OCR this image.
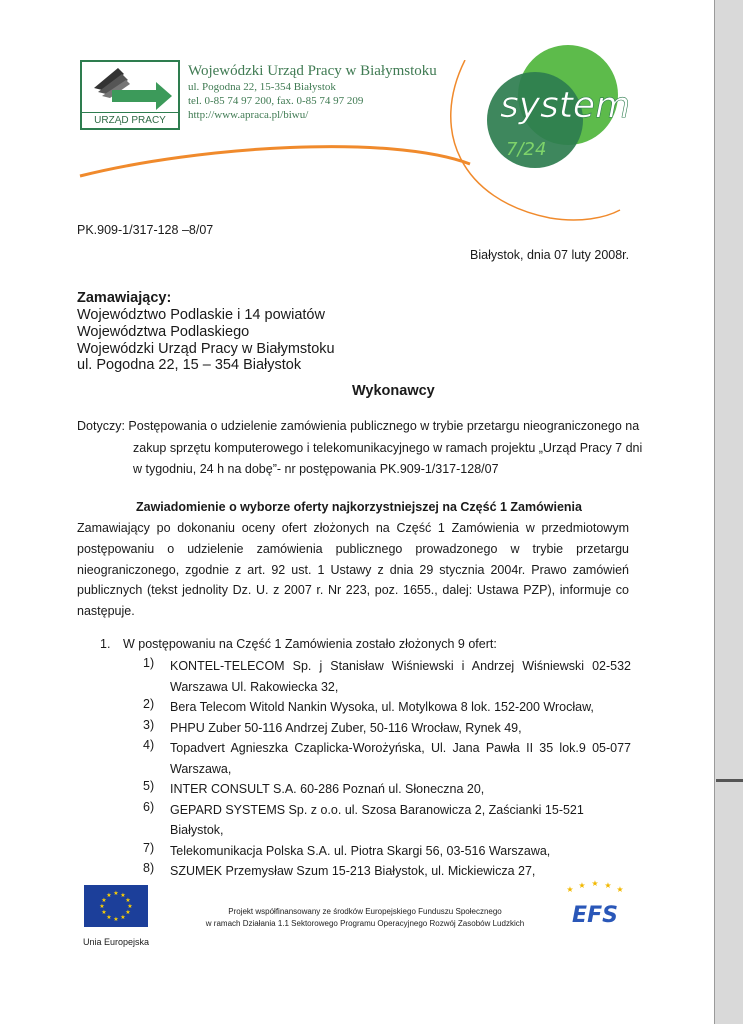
URZĄD PRACY
Wojewódzki Urząd Pracy w Białymstoku
ul. Pogodna 22, 15-354 Białystok
tel. 0-85 74 97 200, fax. 0-85 74 97 209
http://www.apraca.pl/biwu/	system
7/24
PK.909-1/317-128 –8/07
Białystok, dnia 07 luty 2008r.
Zamawiający:
Województwo Podlaskie i 14 powiatów
Województwa Podlaskiego
Wojewódzki Urząd Pracy w Białymstoku
ul. Pogodna 22, 15 – 354 Białystok
Wykonawcy
Dotyczy: Postępowania o udzielenie zamówienia publicznego w trybie przetargu nieograniczonego na
zakup sprzętu komputerowego i telekomunikacyjnego w ramach projektu „Urząd Pracy 7 dni
w tygodniu, 24 h na dobę”- nr postępowania PK.909-1/317-128/07
Zawiadomienie o wyborze oferty najkorzystniejszej na Część 1 Zamówienia
Zamawiający po dokonaniu oceny ofert złożonych na Część 1 Zamówienia w przedmiotowym postępowaniu o udzielenie zamówienia publicznego prowadzonego w trybie przetargu nieograniczonego, zgodnie z art. 92 ust. 1 Ustawy z dnia 29 stycznia 2004r. Prawo zamówień publicznych (tekst jednolity Dz. U. z 2007 r. Nr 223, poz. 1655., dalej: Ustawa PZP), informuje co następuje.
1. W postępowaniu na Część 1 Zamówienia zostało złożonych 9 ofert:
1) KONTEL-TELECOM Sp. j Stanisław Wiśniewski i Andrzej Wiśniewski 02-532 Warszawa Ul. Rakowiecka 32,
2) Bera Telecom Witold Nankin Wysoka, ul. Motylkowa 8 lok. 152-200 Wrocław,
3) PHPU Zuber 50-116 Andrzej Zuber, 50-116 Wrocław, Rynek 49,
4) Topadvert Agnieszka Czaplicka-Worożyńska, Ul. Jana Pawła II 35 lok.9 05-077 Warszawa,
5) INTER CONSULT S.A. 60-286 Poznań ul. Słoneczna 20,
6) GEPARD SYSTEMS Sp. z o.o. ul. Szosa Baranowicza 2, Zaścianki 15-521 Białystok,
7) Telekomunikacja Polska S.A. ul. Piotra Skargi 56, 03-516 Warszawa,
8) SZUMEK Przemysław Szum 15-213 Białystok, ul. Mickiewicza 27,
★ ★
★
★
★
★
★
★
★
★
★
★
Unia Europejska
Projekt współfinansowany ze środków Europejskiego Funduszu Społecznego
w ramach Działania 1.1 Sektorowego Programu Operacyjnego Rozwój Zasobów Ludzkich
★ ★ ★ ★ ★
EFS
